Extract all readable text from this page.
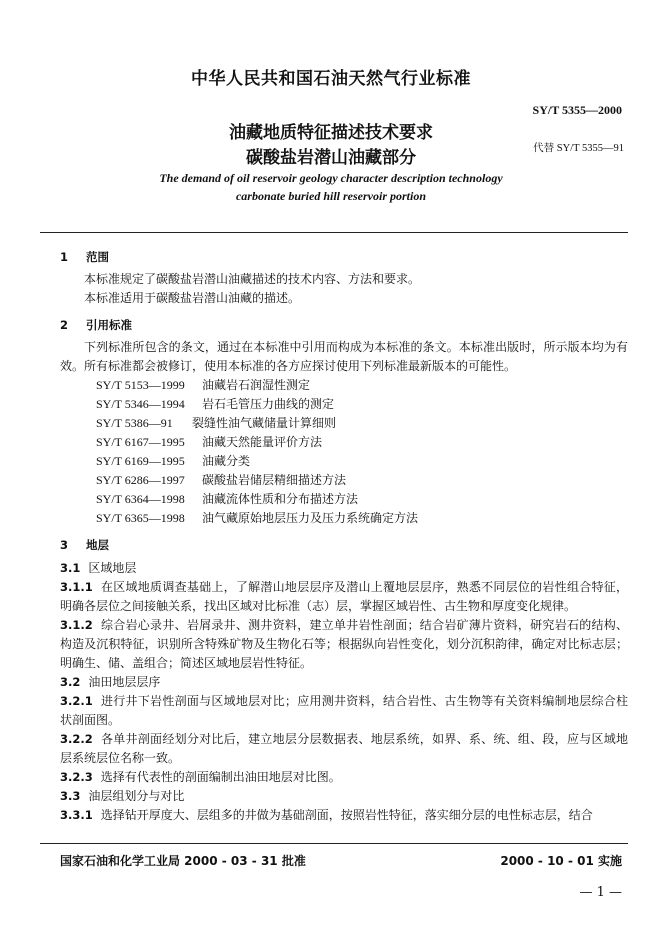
中华人民共和国石油天然气行业标准
SY/T 5355—2000
油藏地质特征描述技术要求
碳酸盐岩潜山油藏部分	代替 SY/T 5355—91
The demand of oil reservoir geology character description technology
carbonate buried hill reservoir portion
1 范围

本标准规定了碳酸盐岩潜山油藏描述的技术内容、方法和要求。

本标准适用于碳酸盐岩潜山油藏的描述。

2 引用标准

下列标准所包含的条文，通过在本标准中引用而构成为本标准的条文。本标准出版时，所示版本均为有效。所有标准都会被修订，使用本标准的各方应探讨使用下列标准最新版本的可能性。

SY/T 5153—1999 油藏岩石润湿性测定
SY/T 5346—1994 岩石毛管压力曲线的测定
SY/T 5386—91 裂缝性油气藏储量计算细则
SY/T 6167—1995 油藏天然能量评价方法
SY/T 6169—1995 油藏分类
SY/T 6286—1997 碳酸盐岩储层精细描述方法
SY/T 6364—1998 油藏流体性质和分布描述方法
SY/T 6365—1998 油气藏原始地层压力及压力系统确定方法
3 地层

3.1 区域地层

3.1.1 在区域地质调查基础上，了解潜山地层层序及潜山上覆地层层序，熟悉不同层位的岩性组合特征，明确各层位之间接触关系，找出区域对比标准（志）层，掌握区域岩性、古生物和厚度变化规律。

3.1.2 综合岩心录井、岩屑录井、测井资料，建立单井岩性剖面；结合岩矿薄片资料，研究岩石的结构、构造及沉积特征，识别所含特殊矿物及生物化石等；根据纵向岩性变化，划分沉积韵律，确定对比标志层；明确生、储、盖组合；简述区域地层岩性特征。

3.2 油田地层层序

3.2.1 进行井下岩性剖面与区域地层对比；应用测井资料，结合岩性、古生物等有关资料编制地层综合柱状剖面图。

3.2.2 各单井剖面经划分对比后，建立地层分层数据表、地层系统，如界、系、统、组、段，应与区域地层系统层位名称一致。

3.2.3 选择有代表性的剖面编制出油田地层对比图。

3.3 油层组划分与对比

3.3.1 选择钻开厚度大、层组多的井做为基础剖面，按照岩性特征，落实细分层的电性标志层，结合

国家石油和化学工业局 2000 - 03 - 31 批准	2000 - 10 - 01 实施
— 1 —
